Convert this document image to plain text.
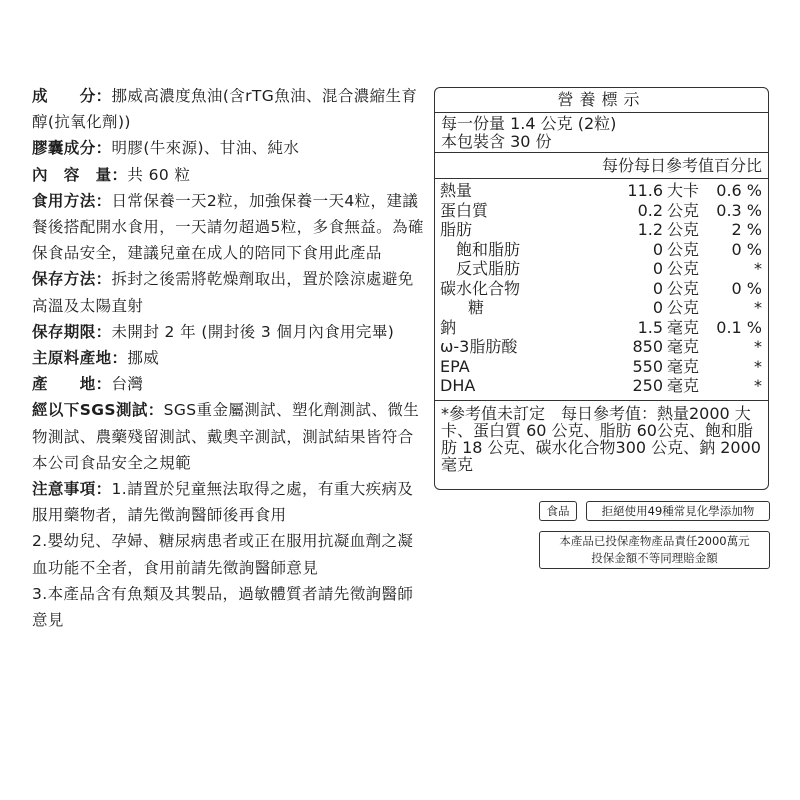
成　　分：挪威高濃度魚油(含rTG魚油、混合濃縮生育醇(抗氧化劑))

膠囊成分：明膠(牛來源)、甘油、純水

內　容　量：共 60 粒

食用方法：日常保養一天2粒，加強保養一天4粒，建議餐後搭配開水食用，一天請勿超過5粒，多食無益。為確保食品安全，建議兒童在成人的陪同下食用此產品

保存方法：拆封之後需將乾燥劑取出，置於陰涼處避免高溫及太陽直射

保存期限：未開封 2 年 (開封後 3 個月內食用完畢)

主原料產地：挪威

產　　地：台灣

經以下SGS測試：SGS重金屬測試、塑化劑測試、微生物測試、農藥殘留測試、戴奧辛測試，測試結果皆符合本公司食品安全之規範

注意事項：1.請置於兒童無法取得之處，有重大疾病及服用藥物者，請先徵詢醫師後再食用

2.嬰幼兒、孕婦、糖尿病患者或正在服用抗凝血劑之凝血功能不全者，食用前請先徵詢醫師意見

3.本產品含有魚類及其製品，過敏體質者請先徵詢醫師意見

營養標示
每一份量 1.4 公克 (2粒)
本包裝含 30 份
每份每日參考值百分比
熱量	11.6	大卡	0.6 %
蛋白質	0.2	公克	0.3 %
脂肪	1.2	公克	2 %
飽和脂肪	0	公克	0 %
反式脂肪	0	公克	*
碳水化合物	0	公克	0 %
糖	0	公克	*
鈉	1.5	毫克	0.1 %
ω-3脂肪酸	850	毫克	*
EPA	550	毫克	*
DHA	250	毫克	*
*參考值未訂定　每日參考值：熱量2000 大卡、蛋白質 60 公克、脂肪 60公克、飽和脂肪 18 公克、碳水化合物300 公克、鈉 2000 毫克
食品	拒絕使用49種常見化學添加物
本產品已投保產物產品責任2000萬元
投保金額不等同理賠金額
